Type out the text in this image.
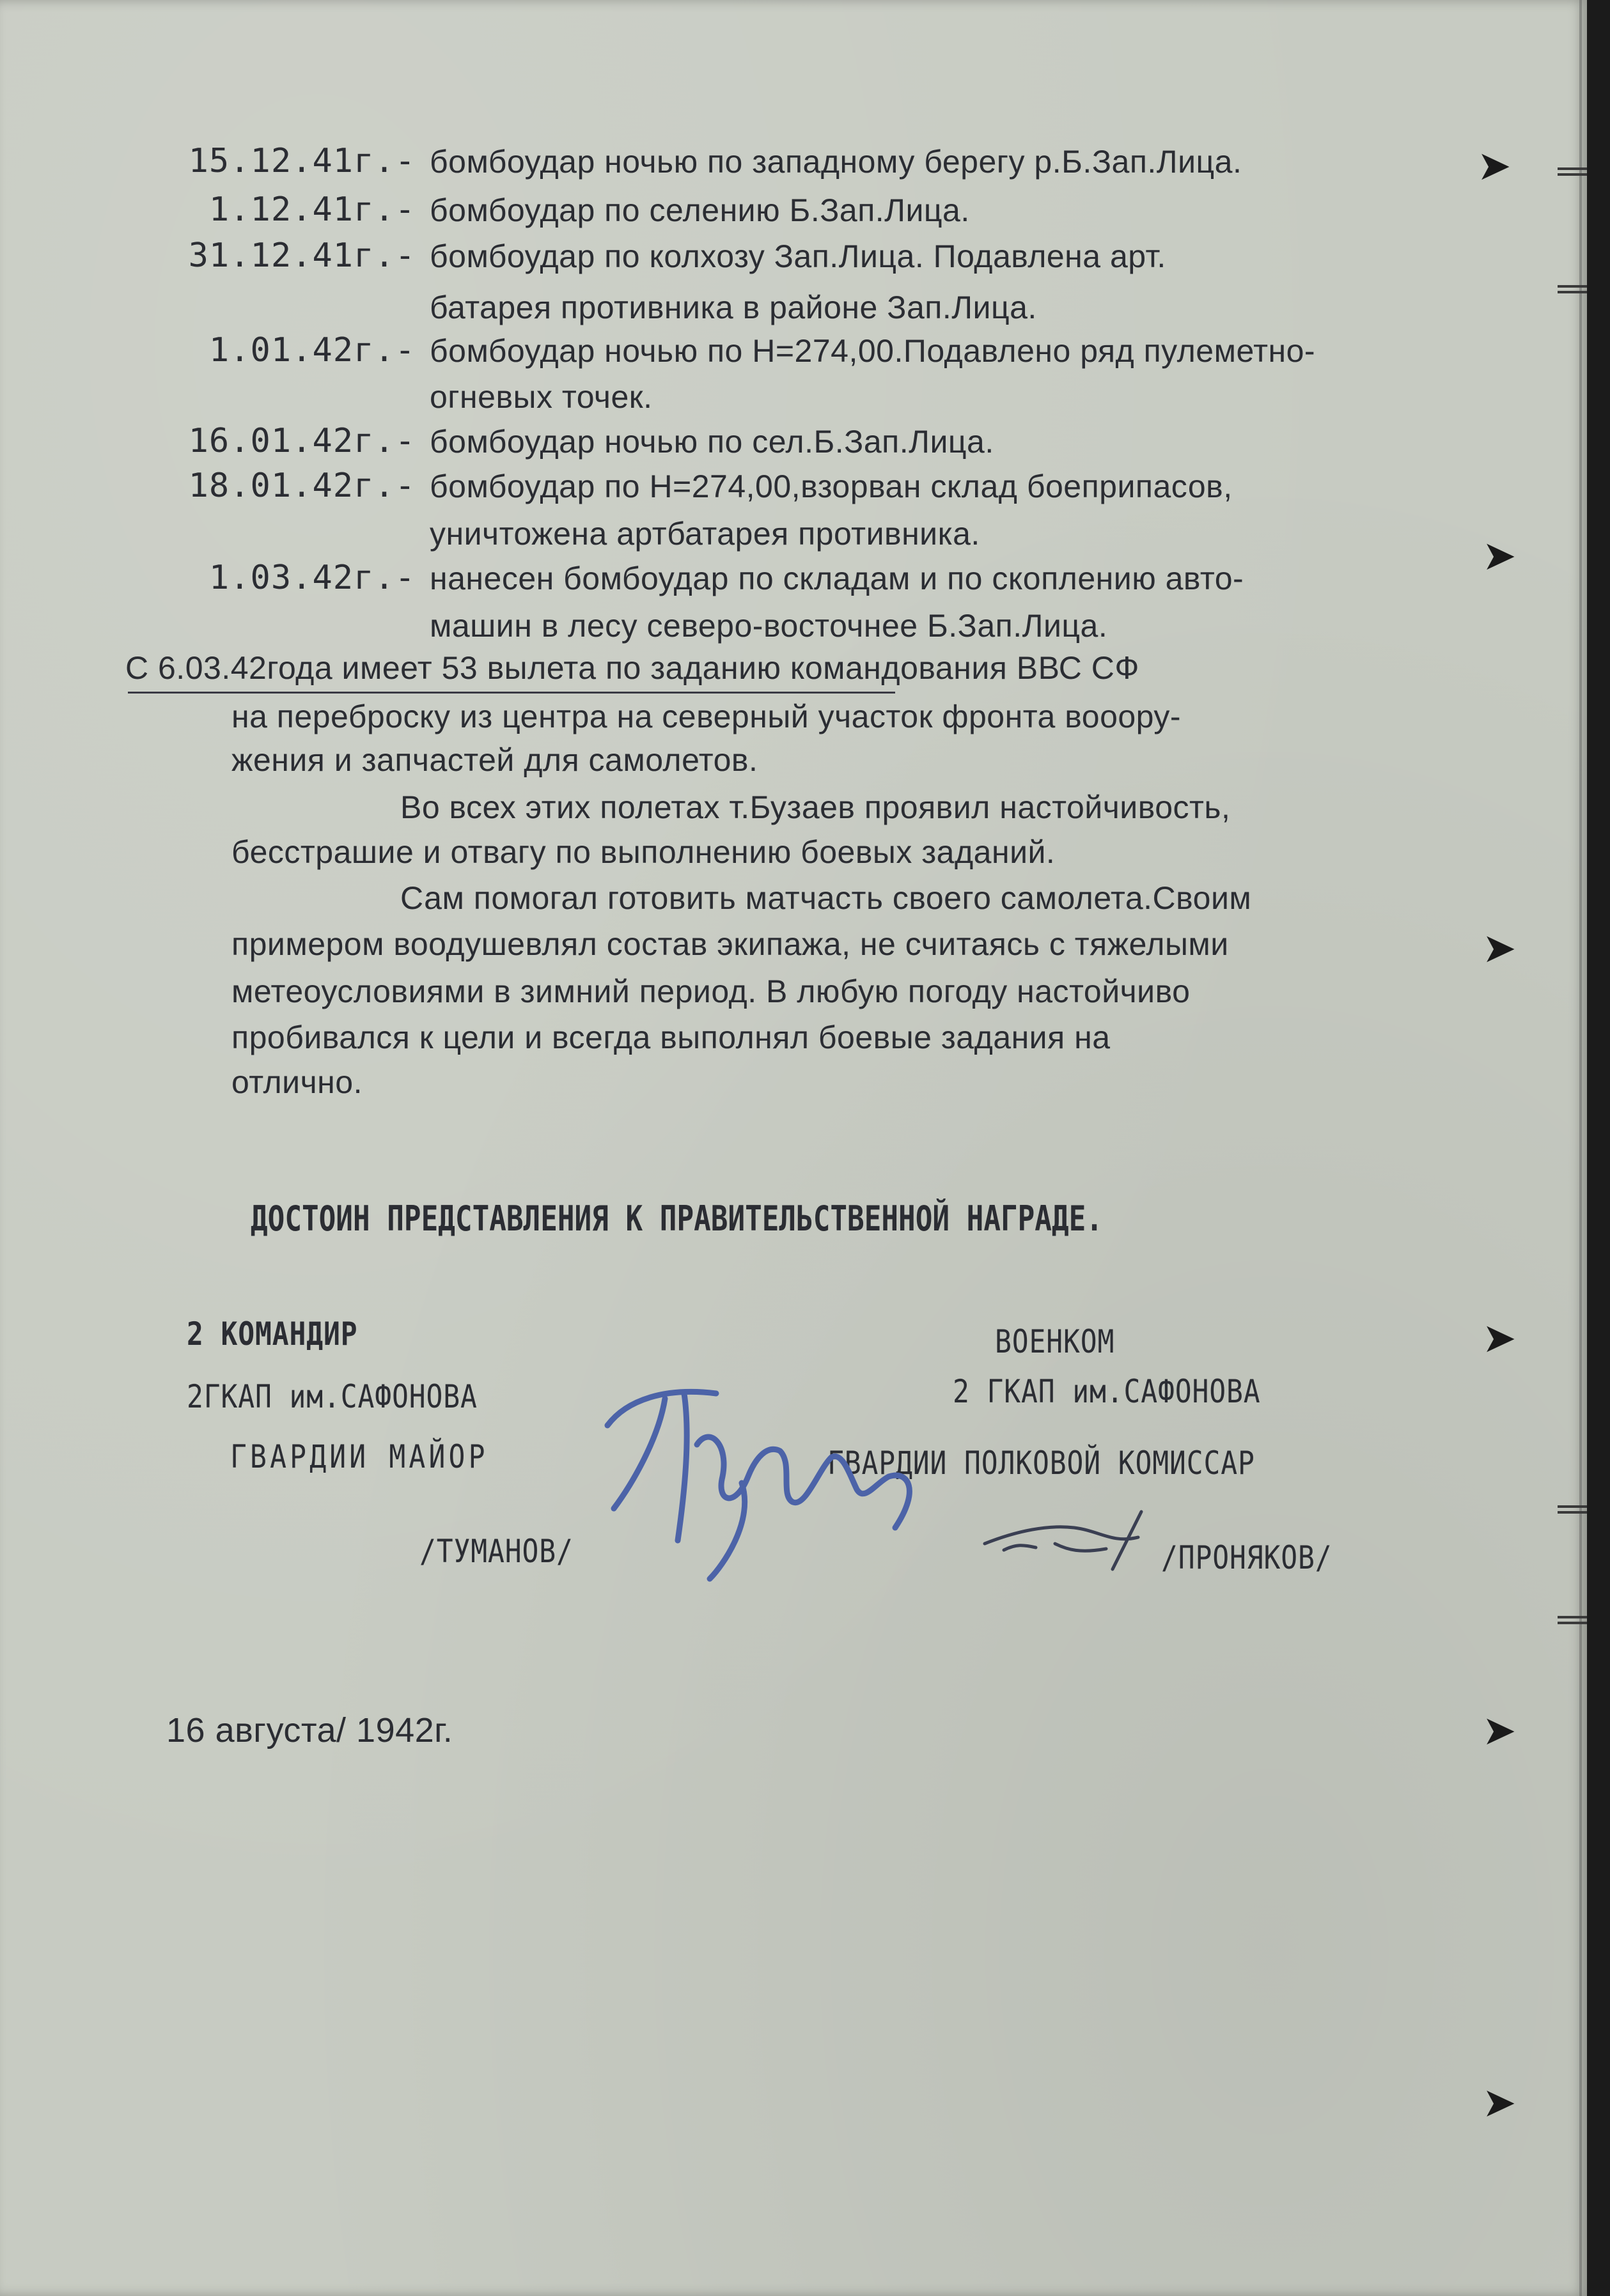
➤
➤
➤
➤
➤
➤
15.12.41г.-
1.12.41г.-
31.12.41г.-
1.01.42г.-
16.01.42г.-
18.01.42г.-
1.03.42г.-
бомбоудар ночью по западному берегу р.Б.Зап.Лица.
бомбоудар по селению Б.Зап.Лица.
бомбоудар по колхозу Зап.Лица. Подавлена арт.
батарея противника в районе Зап.Лица.
бомбоудар ночью по Н=274,00.Подавлено ряд пулеметно-
огневых точек.
бомбоудар ночью по сел.Б.Зап.Лица.
бомбоудар по Н=274,00,взорван склад боеприпасов,
уничтожена артбатарея противника.
нанесен бомбоудар по складам и по скоплению авто-
машин в лесу северо-восточнее Б.Зап.Лица.
С 6.03.42года имеет 53 вылета по заданию командования ВВС СФ
на переброску из центра на северный участок фронта вооору-
жения и запчастей для самолетов.
Во всех этих полетах т.Бузаев проявил настойчивость,
бесстрашие и отвагу по выполнению боевых заданий.
Сам помогал готовить матчасть своего самолета.Своим
примером воодушевлял состав экипажа, не считаясь с тяжелыми
метеоусловиями в зимний период. В любую погоду настойчиво
пробивался к цели и всегда выполнял боевые задания на
отлично.
ДОСТОИН ПРЕДСТАВЛЕНИЯ К ПРАВИТЕЛЬСТВЕННОЙ НАГРАДЕ.
2 КОМАНДИР
2ГКАП им.САФОНОВА
ГВАРДИИ МАЙОР
/ТУМАНОВ/
ВОЕНКОМ
2 ГКАП им.САФОНОВА
ГВАРДИИ ПОЛКОВОЙ КОМИССАР
/ПРОНЯКОВ/
16 августа/ 1942г.
